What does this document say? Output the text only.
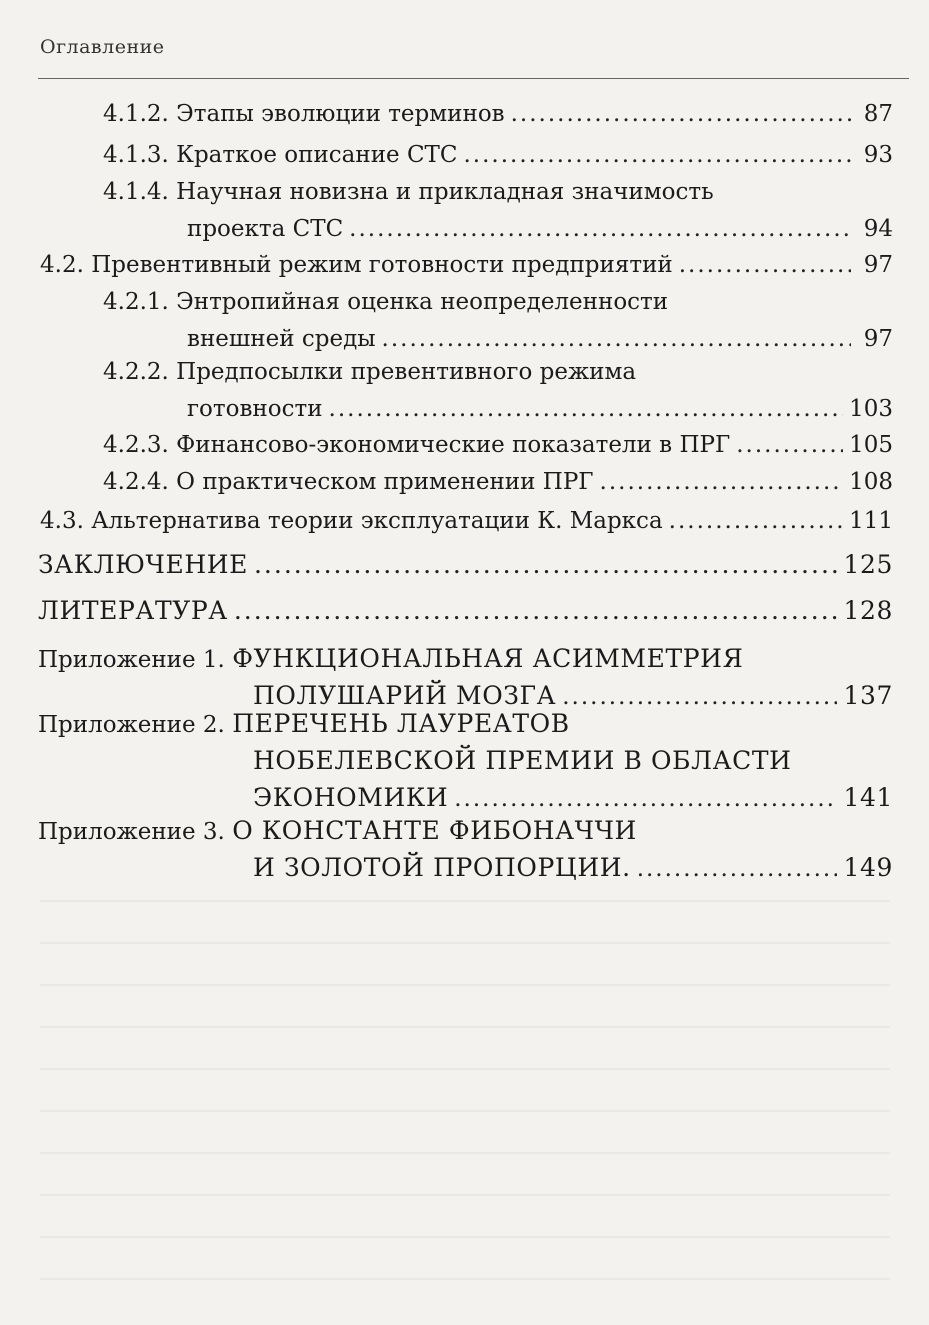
Оглавление
4.1.2.
Этапы эволюции терминов .....	87
4.1.3.
Краткое описание СТС .....	93
4.1.4.
Научная новизна и прикладная значимость
проекта СТС .....	94
4.2.
Превентивный режим готовности предприятий .....	97
4.2.1.
Энтропийная оценка неопределенности
внешней среды .....	97
4.2.2.
Предпосылки превентивного режима
готовности .....	103
4.2.3.
Финансово-экономические показатели в ПРГ .....	105
4.2.4.
О практическом применении ПРГ .....	108
4.3.
Альтернатива теории эксплуатации К. Маркса .....	111
ЗАКЛЮЧЕНИЕ .....	125
ЛИТЕРАТУРА .....	128
Приложение 1.
ФУНКЦИОНАЛЬНАЯ АСИММЕТРИЯ
ПОЛУШАРИЙ МОЗГА .....	137
Приложение 2.
ПЕРЕЧЕНЬ ЛАУРЕАТОВ
НОБЕЛЕВСКОЙ ПРЕМИИ В ОБЛАСТИ
ЭКОНОМИКИ .....	141
Приложение 3.
О КОНСТАНТЕ ФИБОНАЧЧИ
И ЗОЛОТОЙ ПРОПОРЦИИ. .....	149
